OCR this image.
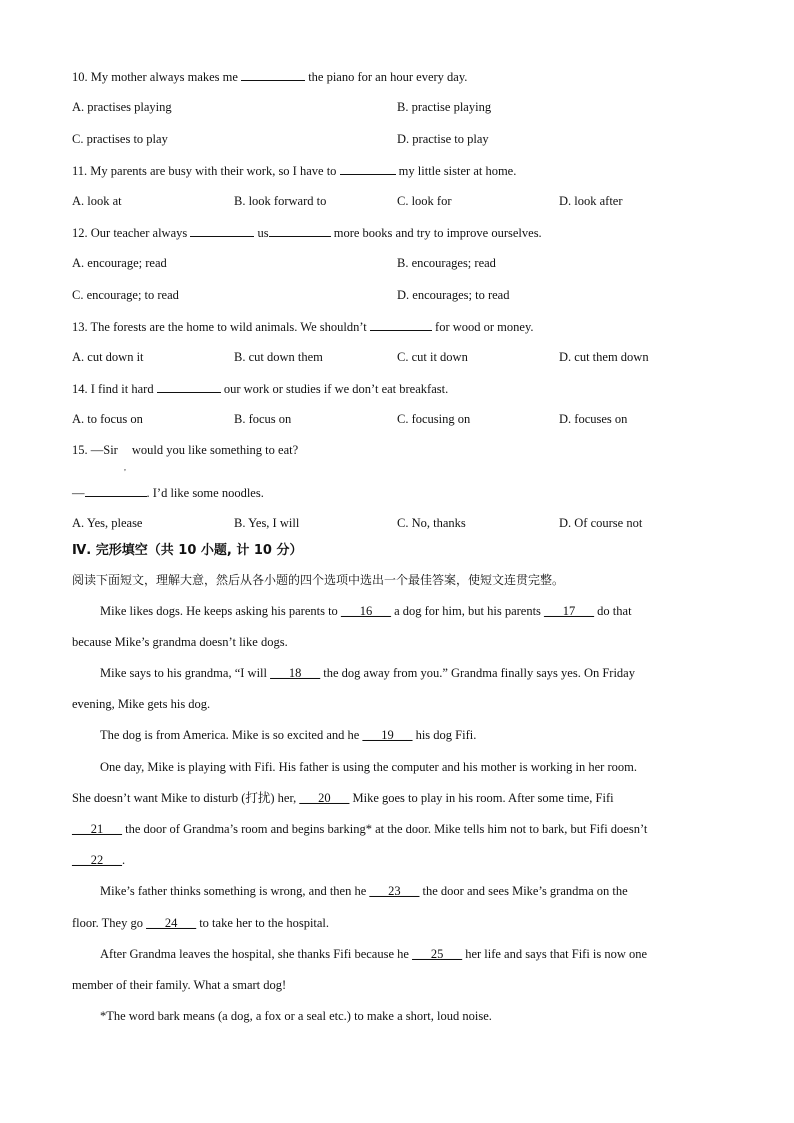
10. My mother always makes me	the piano for an hour every day.
A. practises playing	B. practise playing
C. practises to play	D. practise to play
11. My parents are busy with their work, so I have to	my little sister at home.
A. look at	B. look forward to	C. look for	D. look after
12. Our teacher always	us	more books and try to improve ourselves.
A. encourage; read	B. encourages; read
C. encourage; to read	D. encourages; to read
13. The forests are the home to wild animals. We shouldn’t	for wood or money.
A. cut down it	B. cut down them	C. cut it down	D. cut them down
14. I find it hard	our work or studies if we don’t eat breakfast.
A. to focus on	B. focus on	C. focusing on	D. focuses on
15. —Sir would you like something to eat?
,
—	. I’d like some noodles.
A. Yes, please	B. Yes, I will	C. No, thanks	D. Of course not
Ⅳ. 完形填空（共 10 小题, 计 10 分）
阅读下面短文，理解大意，然后从各小题的四个选项中选出一个最佳答案，使短文连贯完整。
Mike likes dogs. He keeps asking his parents to ___16___ a dog for him, but his parents ___17___ do that
because Mike’s grandma doesn’t like dogs.
Mike says to his grandma, “I will ___18___ the dog away from you.” Grandma finally says yes. On Friday
evening, Mike gets his dog.
The dog is from America. Mike is so excited and he ___19___ his dog Fifi.
One day, Mike is playing with Fifi. His father is using the computer and his mother is working in her room.
She doesn’t want Mike to disturb (打扰) her, ___20___ Mike goes to play in his room. After some time, Fifi
___21___ the door of Grandma’s room and begins barking* at the door. Mike tells him not to bark, but Fifi doesn’t
___22___.
Mike’s father thinks something is wrong, and then he ___23___ the door and sees Mike’s grandma on the
floor. They go ___24___ to take her to the hospital.
After Grandma leaves the hospital, she thanks Fifi because he ___25___ her life and says that Fifi is now one
member of their family. What a smart dog!
*The word bark means (a dog, a fox or a seal etc.) to make a short, loud noise.
